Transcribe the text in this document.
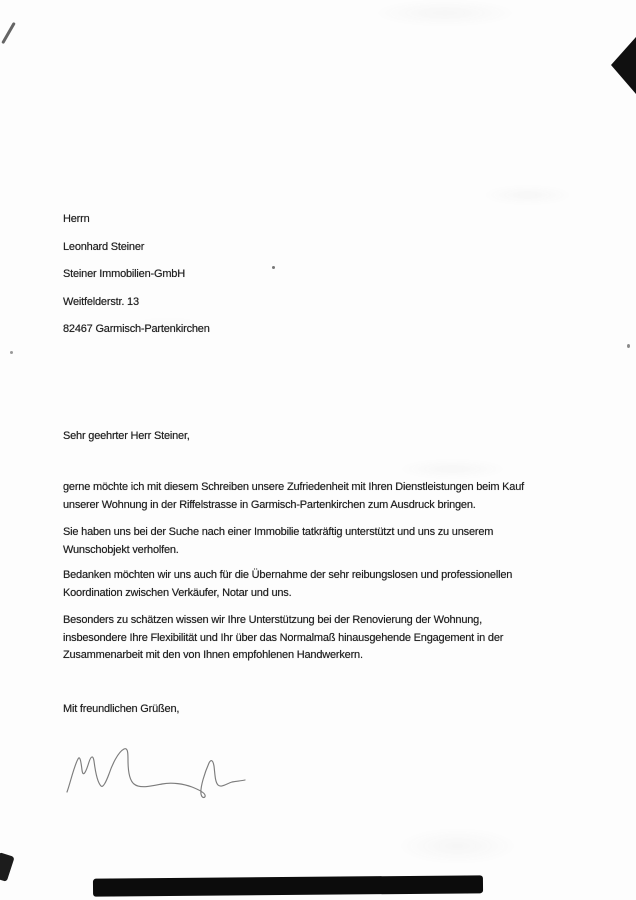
Herrn
Leonhard Steiner
Steiner Immobilien-GmbH
Weitfelderstr. 13
82467 Garmisch-Partenkirchen
Sehr geehrter Herr Steiner,
gerne möchte ich mit diesem Schreiben unsere Zufriedenheit mit Ihren Dienstleistungen beim Kauf
unserer Wohnung in der Riffelstrasse in Garmisch-Partenkirchen zum Ausdruck bringen.
Sie haben uns bei der Suche nach einer Immobilie tatkräftig unterstützt und uns zu unserem
Wunschobjekt verholfen.
Bedanken möchten wir uns auch für die Übernahme der sehr reibungslosen und professionellen
Koordination zwischen Verkäufer, Notar und uns.
Besonders zu schätzen wissen wir Ihre Unterstützung bei der Renovierung der Wohnung,
insbesondere Ihre Flexibilität und Ihr über das Normalmaß hinausgehende Engagement in der
Zusammenarbeit mit den von Ihnen empfohlenen Handwerkern.
Mit freundlichen Grüßen,
